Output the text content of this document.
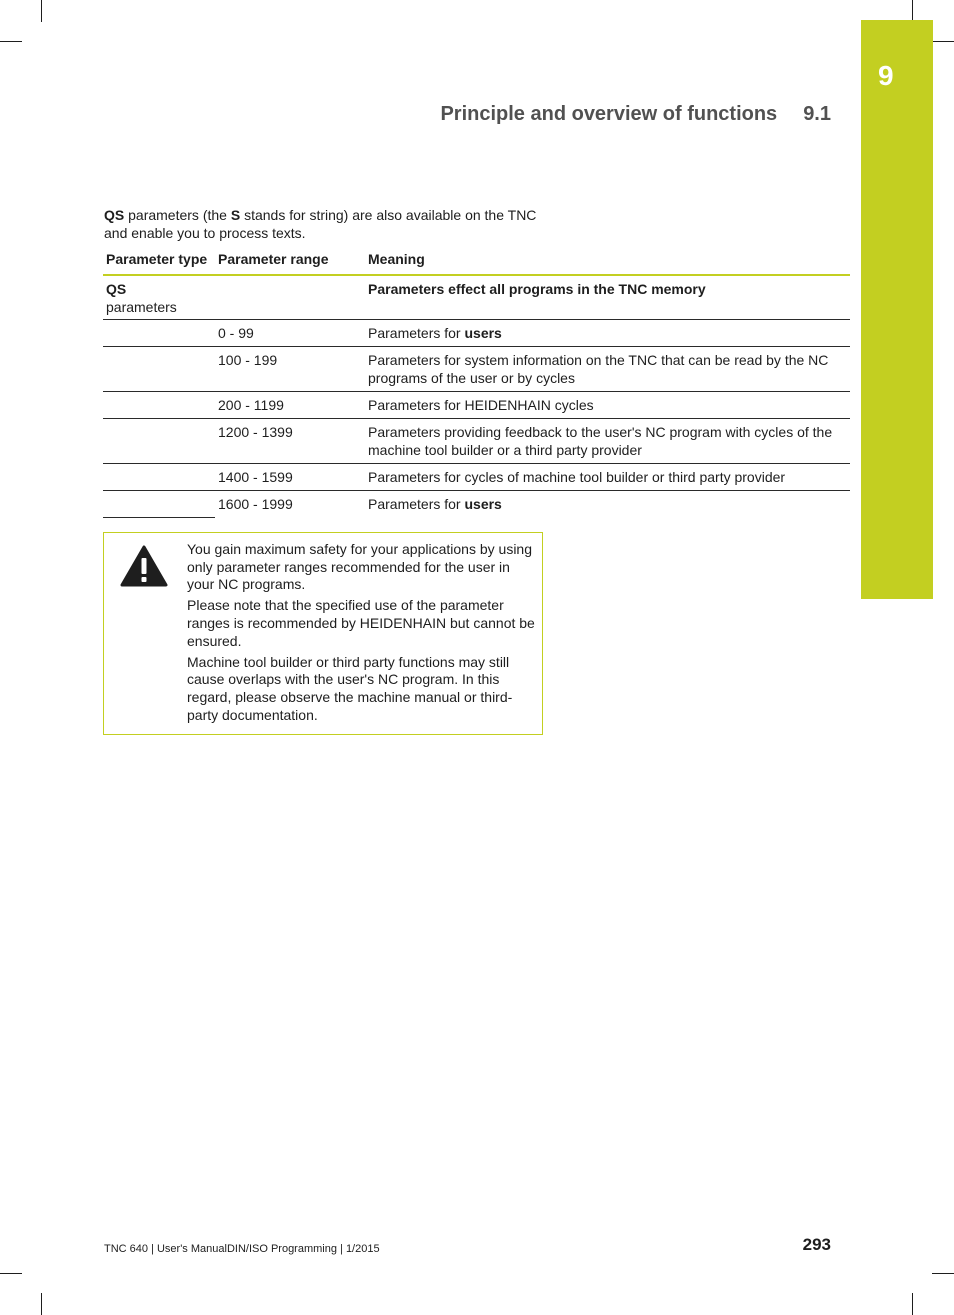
9
Principle and overview of functions 9.1
QS parameters (the S stands for string) are also available on the TNC and enable you to process texts.
Parameter type	Parameter range	Meaning
QS
parameters		Parameters effect all programs in the TNC memory
	0 - 99	Parameters for users
	100 - 199	Parameters for system information on the TNC that can be read by the NC programs of the user or by cycles
	200 - 1199	Parameters for HEIDENHAIN cycles
	1200 - 1399	Parameters providing feedback to the user's NC program with cycles of the machine tool builder or a third party provider
	1400 - 1599	Parameters for cycles of machine tool builder or third party provider
	1600 - 1999	Parameters for users

You gain maximum safety for your applications by using only parameter ranges recommended for the user in your NC programs.

Please note that the specified use of the parameter ranges is recommended by HEIDENHAIN but cannot be ensured.

Machine tool builder or third party functions may still cause overlaps with the user's NC program. In this regard, please observe the machine manual or third-party documentation.

TNC 640 | User's ManualDIN/ISO Programming | 1/2015	293
